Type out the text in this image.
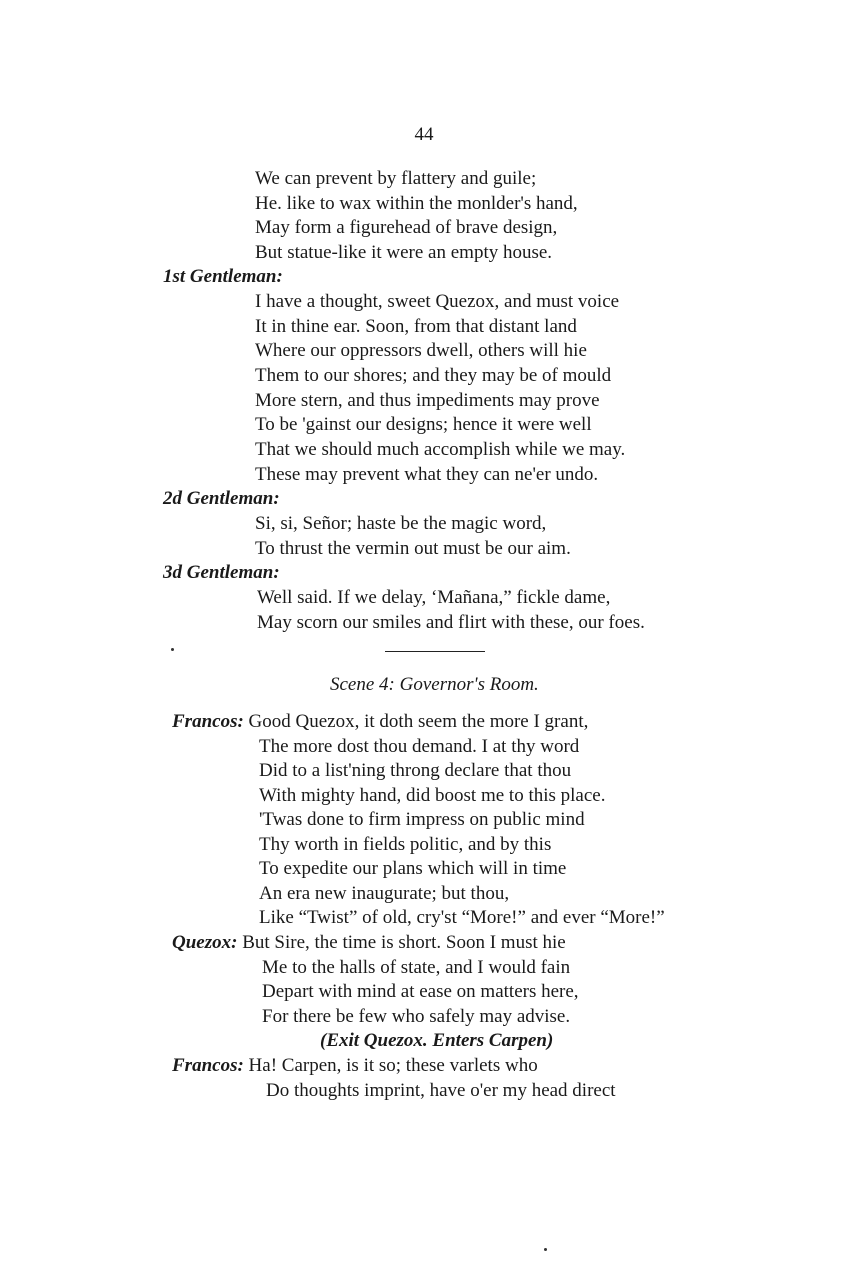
44
We can prevent by flattery and guile;
He. like to wax within the monlder's hand,
May form a figurehead of brave design,
But statue-like it were an empty house.
1st Gentleman:
I have a thought, sweet Quezox, and must voice
It in thine ear. Soon, from that distant land
Where our oppressors dwell, others will hie
Them to our shores; and they may be of mould
More stern, and thus impediments may prove
To be 'gainst our designs; hence it were well
That we should much accomplish while we may.
These may prevent what they can ne'er undo.
2d Gentleman:
Si, si, Señor; haste be the magic word,
To thrust the vermin out must be our aim.
3d Gentleman:
Well said. If we delay, ‘Mañana,” fickle dame,
May scorn our smiles and flirt with these, our foes.
Scene 4: Governor's Room.
Francos: Good Quezox, it doth seem the more I grant,
The more dost thou demand. I at thy word
Did to a list'ning throng declare that thou
With mighty hand, did boost me to this place.
'Twas done to firm impress on public mind
Thy worth in fields politic, and by this
To expedite our plans which will in time
An era new inaugurate; but thou,
Like “Twist” of old, cry'st “More!” and ever “More!”
Quezox: But Sire, the time is short. Soon I must hie
Me to the halls of state, and I would fain
Depart with mind at ease on matters here,
For there be few who safely may advise.
(Exit Quezox. Enters Carpen)
Francos: Ha! Carpen, is it so; these varlets who
Do thoughts imprint, have o'er my head direct
